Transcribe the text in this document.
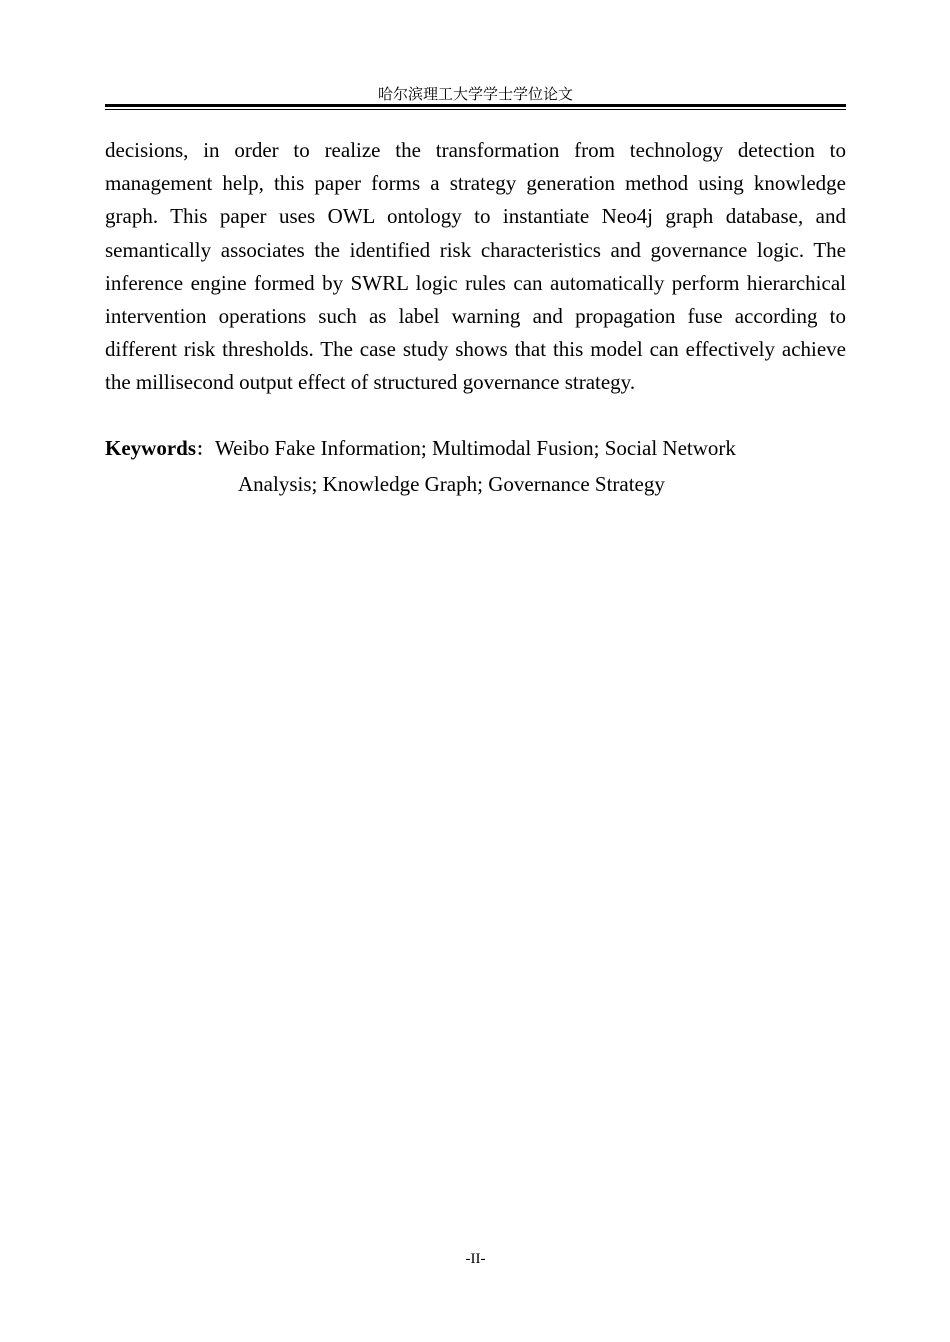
哈尔滨理工大学学士学位论文
decisions, in order to realize the transformation from technology detection to
management help, this paper forms a strategy generation method using knowledge
graph. This paper uses OWL ontology to instantiate Neo4j graph database, and
semantically associates the identified risk characteristics and governance logic. The
inference engine formed by SWRL logic rules can automatically perform hierarchical
intervention operations such as label warning and propagation fuse according to
different risk thresholds. The case study shows that this model can effectively achieve
the millisecond output effect of structured governance strategy.
Keywords：Weibo Fake Information; Multimodal Fusion; Social Network
Analysis; Knowledge Graph; Governance Strategy
-II-
